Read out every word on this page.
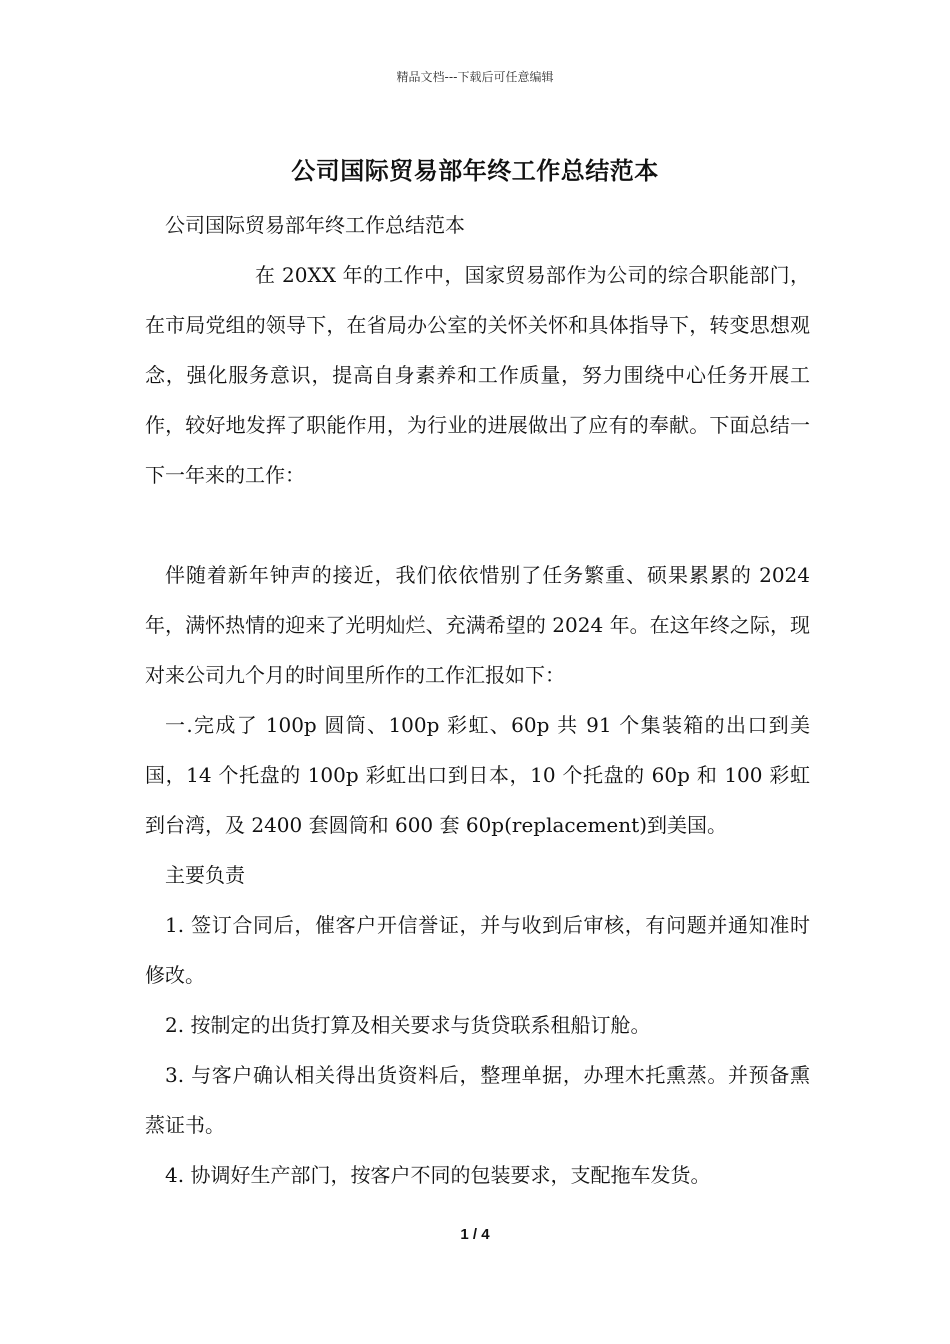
精品文档---下载后可任意编辑
公司国际贸易部年终工作总结范本

公司国际贸易部年终工作总结范本

在 20XX 年的工作中，国家贸易部作为公司的综合职能部门，在市局党组的领导下，在省局办公室的关怀关怀和具体指导下，转变思想观念，强化服务意识，提高自身素养和工作质量，努力围绕中心任务开展工作，较好地发挥了职能作用，为行业的进展做出了应有的奉献。下面总结一下一年来的工作：

伴随着新年钟声的接近，我们依依惜别了任务繁重、硕果累累的 2024 年，满怀热情的迎来了光明灿烂、充满希望的 2024 年。在这年终之际，现对来公司九个月的时间里所作的工作汇报如下：

一.完成了 100p 圆筒、100p 彩虹、60p 共 91 个集装箱的出口到美国，14 个托盘的 100p 彩虹出口到日本，10 个托盘的 60p 和 100 彩虹到台湾，及 2400 套圆筒和 600 套 60p(replacement)到美国。

主要负责

1. 签订合同后，催客户开信誉证，并与收到后审核，有问题并通知准时修改。

2. 按制定的出货打算及相关要求与货贷联系租船订舱。

3. 与客户确认相关得出货资料后，整理单据，办理木托熏蒸。并预备熏蒸证书。

4. 协调好生产部门，按客户不同的包装要求，支配拖车发货。

1 / 4
